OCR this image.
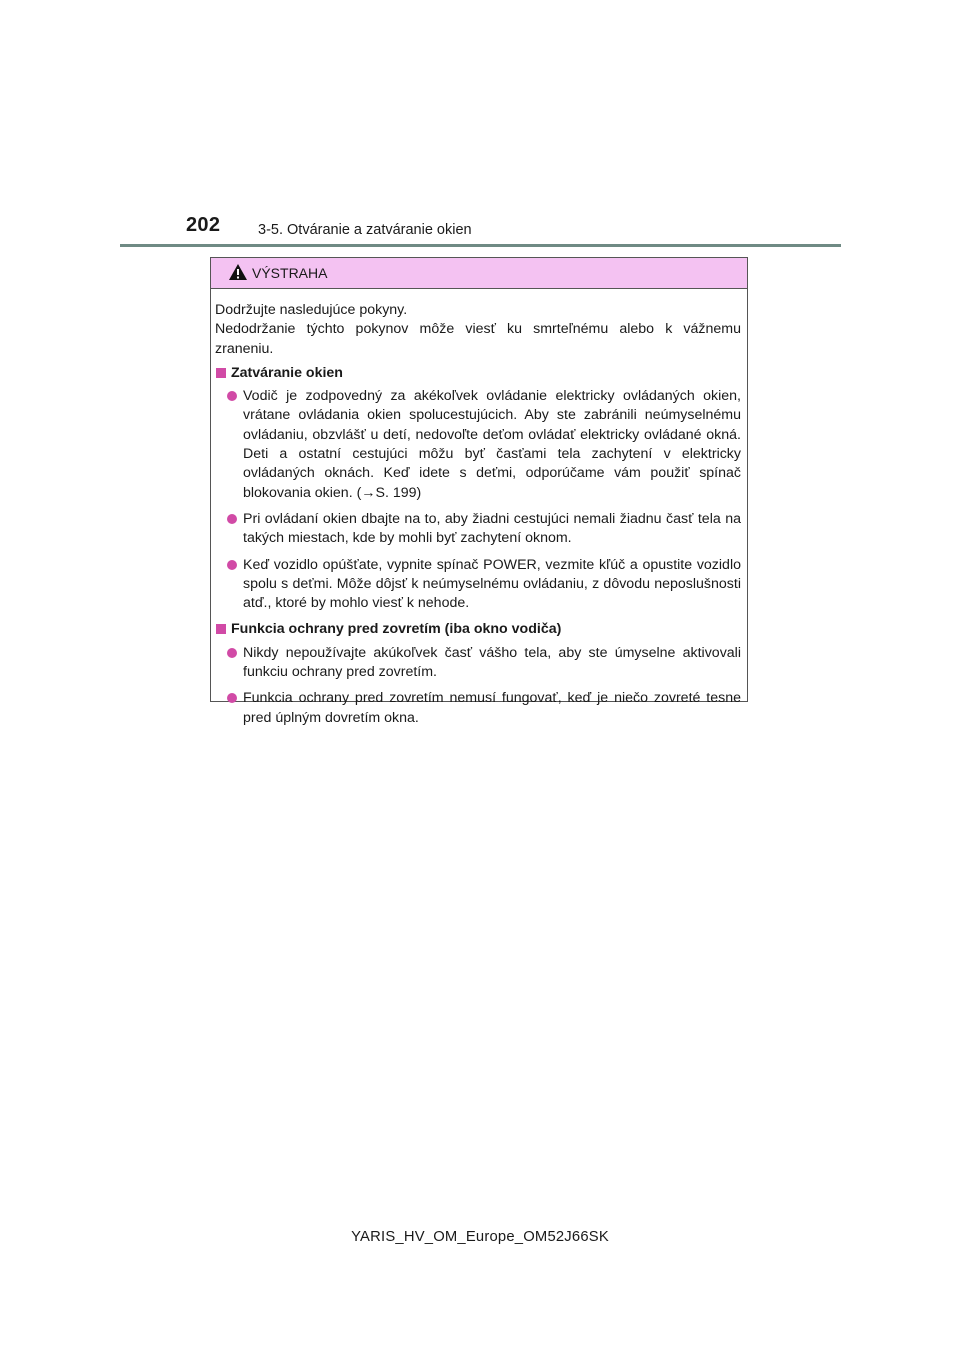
202	3-5. Otváranie a zatváranie okien
VÝSTRAHA

Dodržujte nasledujúce pokyny.

Nedodržanie týchto pokynov môže viesť ku smrteľnému alebo k vážnemu

zraneniu.

Zatváranie okien
Vodič je zodpovedný za akékoľvek ovládanie elektricky ovládaných okien, vrátane ovládania okien spolucestujúcich. Aby ste zabránili neúmyselnému ovládaniu, obzvlášť u detí, nedovoľte deťom ovládať elektricky ovládané okná. Deti a ostatní cestujúci môžu byť časťami tela zachytení v elektricky ovládaných oknách. Keď idete s deťmi, odporúčame vám použiť spínač blokovania okien. (→S. 199)
Pri ovládaní okien dbajte na to, aby žiadni cestujúci nemali žiadnu časť tela na takých miestach, kde by mohli byť zachytení oknom.
Keď vozidlo opúšťate, vypnite spínač POWER, vezmite kľúč a opustite vozidlo spolu s deťmi. Môže dôjsť k neúmyselnému ovládaniu, z dôvodu neposlušnosti atď., ktoré by mohlo viesť k nehode.
Funkcia ochrany pred zovretím (iba okno vodiča)
Nikdy nepoužívajte akúkoľvek časť vášho tela, aby ste úmyselne aktivovali funkciu ochrany pred zovretím.
Funkcia ochrany pred zovretím nemusí fungovať, keď je niečo zovreté tesne pred úplným dovretím okna.
YARIS_HV_OM_Europe_OM52J66SK
